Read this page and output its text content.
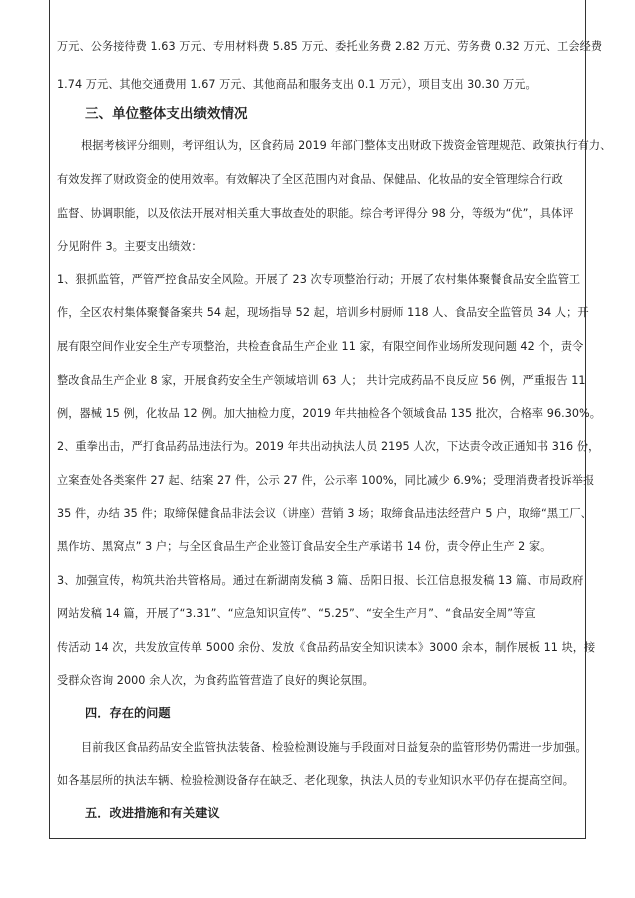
万元、公务接待费 1.63 万元、专用材料费 5.85 万元、委托业务费 2.82 万元、劳务费 0.32 万元、工会经费
1.74 万元、其他交通费用 1.67 万元、其他商品和服务支出 0.1 万元），项目支出 30.30 万元。
三、单位整体支出绩效情况
根据考核评分细则，考评组认为，区食药局 2019 年部门整体支出财政下拨资金管理规范、政策执行有力、
有效发挥了财政资金的使用效率。有效解决了全区范围内对食品、保健品、化妆品的安全管理综合行政
监督、协调职能，以及依法开展对相关重大事故查处的职能。综合考评得分 98 分，等级为“优”，具体评
分见附件 3。主要支出绩效：
1、狠抓监管，严管严控食品安全风险。开展了 23 次专项整治行动；开展了农村集体聚餐食品安全监管工
作，全区农村集体聚餐备案共 54 起，现场指导 52 起，培训乡村厨师 118 人、食品安全监管员 34 人；开
展有限空间作业安全生产专项整治，共检查食品生产企业 11 家，有限空间作业场所发现问题 42 个，责令
整改食品生产企业 8 家，开展食药安全生产领域培训 63 人； 共计完成药品不良反应 56 例，严重报告 11
例，器械 15 例，化妆品 12 例。加大抽检力度，2019 年共抽检各个领域食品 135 批次，合格率 96.30%。
2、重拳出击，严打食品药品违法行为。2019 年共出动执法人员 2195 人次，下达责令改正通知书 316 份，
立案查处各类案件 27 起、结案 27 件，公示 27 件，公示率 100%，同比减少 6.9%；受理消费者投诉举报
35 件，办结 35 件；取缔保健食品非法会议（讲座）营销 3 场；取缔食品违法经营户 5 户，取缔“黑工厂、
黑作坊、黑窝点” 3 户；与全区食品生产企业签订食品安全生产承诺书 14 份，责令停止生产 2 家。
3、加强宣传，构筑共治共管格局。通过在新湖南发稿 3 篇、岳阳日报、长江信息报发稿 13 篇、市局政府
网站发稿 14 篇，开展了“3.31”、“应急知识宣传”、“5.25”、“安全生产月”、“食品安全周”等宣
传活动 14 次，共发放宣传单 5000 余份、发放《食品药品安全知识读本》3000 余本，制作展板 11 块，接
受群众咨询 2000 余人次，为食药监管营造了良好的舆论氛围。
四．存在的问题
目前我区食品药品安全监管执法装备、检验检测设施与手段面对日益复杂的监管形势仍需进一步加强。
如各基层所的执法车辆、检验检测设备存在缺乏、老化现象，执法人员的专业知识水平仍存在提高空间。
五．改进措施和有关建议
